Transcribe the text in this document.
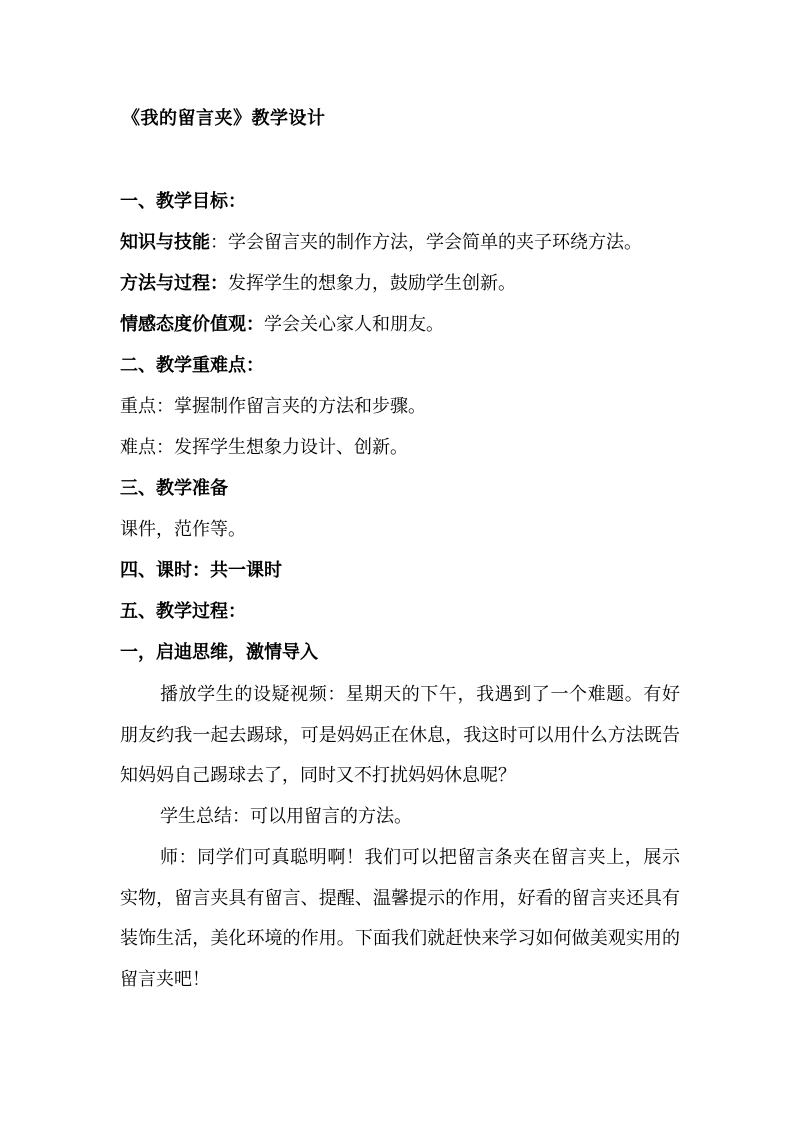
《我的留言夹》教学设计
一、教学目标：
知识与技能：学会留言夹的制作方法，学会简单的夹子环绕方法。
方法与过程：发挥学生的想象力，鼓励学生创新。
情感态度价值观：学会关心家人和朋友。
二、教学重难点：
重点：掌握制作留言夹的方法和步骤。
难点：发挥学生想象力设计、创新。
三、教学准备
课件，范作等。
四、课时：共一课时
五、教学过程：
一，启迪思维，激情导入
播放学生的设疑视频：星期天的下午，我遇到了一个难题。有好朋友约我一起去踢球，可是妈妈正在休息，我这时可以用什么方法既告知妈妈自己踢球去了，同时又不打扰妈妈休息呢？
学生总结：可以用留言的方法。
师：同学们可真聪明啊！我们可以把留言条夹在留言夹上，展示实物，留言夹具有留言、提醒、温馨提示的作用，好看的留言夹还具有装饰生活，美化环境的作用。下面我们就赶快来学习如何做美观实用的留言夹吧！
